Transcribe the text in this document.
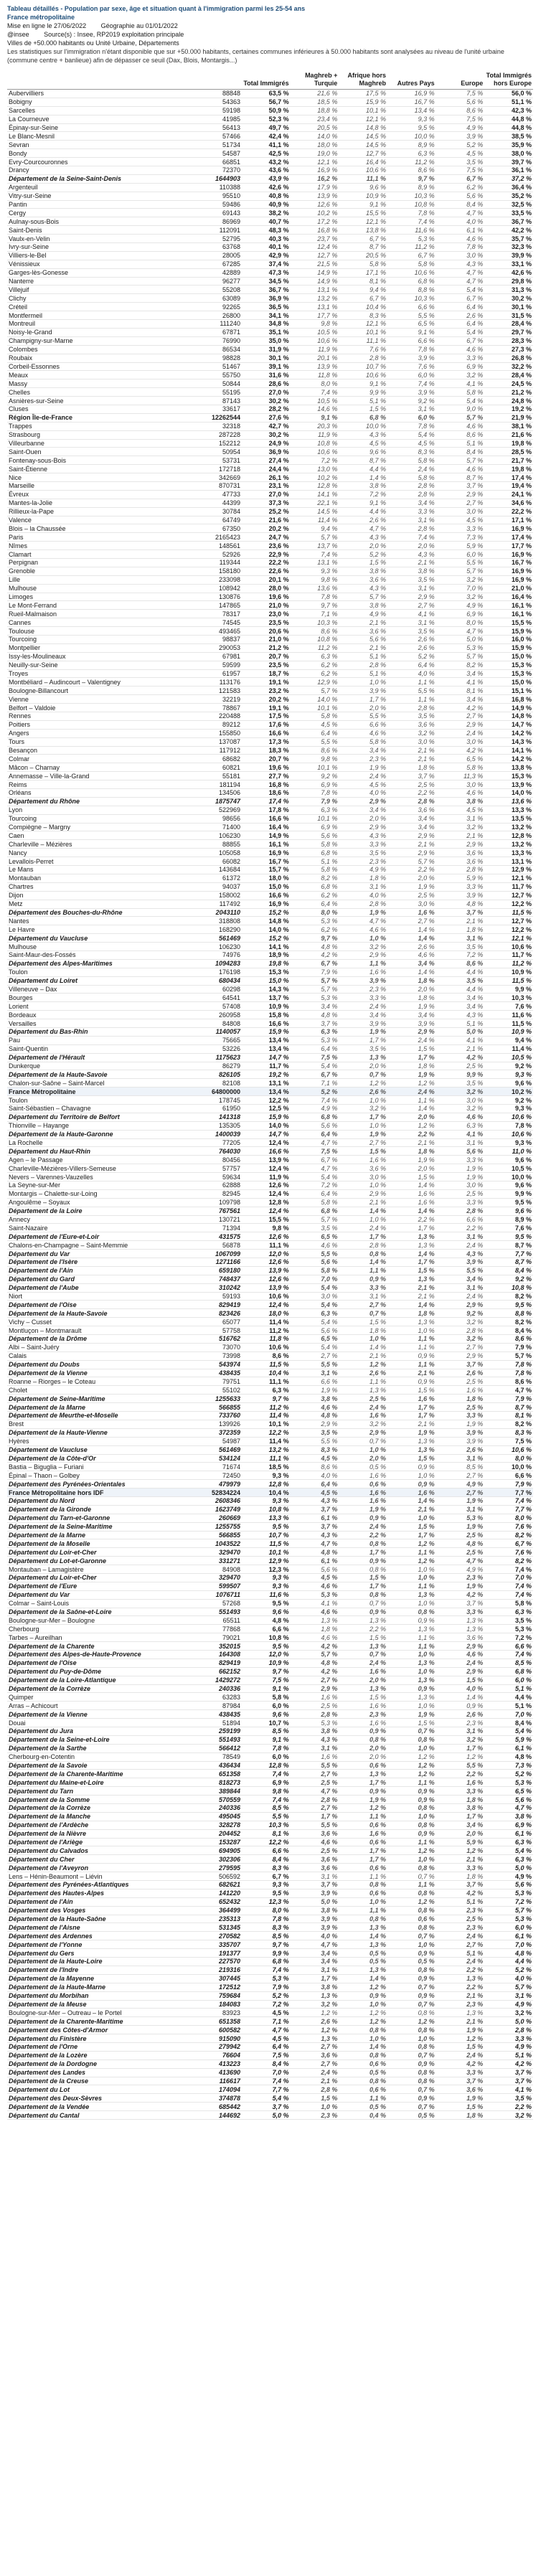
Tableau détaillés - Population par sexe, âge et situation quant à l'immigration parmi les 25-54 ans
France métropolitaine
Mise en ligne le 27/06/2022 Géographie au 01/01/2022
@insee Source(s) : Insee, RP2019 exploitation principale
Villes de +50.000 habitants ou Unité Urbaine, Départements
Les statistiques sur l'immigration n'étant disponible que sur +50.000 habitants, certaines communes inférieures à 50.000 habitants sont analysées au niveau de l'unité urbaine (commune centre + banlieue) afin de dépasser ce seuil (Dax, Blois, Montargis...)
		Total Immigrés	Maghreb + Turquie	Afrique hors Maghreb	Autres Pays	Europe	Total Immigrés hors Europe
Aubervilliers	88848	63,5 %	21,6 %	17,5 %	16,9 %	7,5 %	56,0 %
Bobigny	54363	56,7 %	18,5 %	15,9 %	16,7 %	5,6 %	51,1 %
Sarcelles	59198	50,9 %	18,8 %	10,1 %	13,4 %	8,6 %	42,3 %
La Courneuve	41985	52,3 %	23,4 %	12,1 %	9,3 %	7,5 %	44,8 %
Épinay-sur-Seine	56413	49,7 %	20,5 %	14,8 %	9,5 %	4,9 %	44,8 %
Le Blanc-Mesnil	57466	42,4 %	14,0 %	14,5 %	10,0 %	3,9 %	38,5 %
Sevran	51734	41,1 %	18,0 %	14,5 %	8,9 %	5,2 %	35,9 %
Bondy	54587	42,5 %	19,0 %	12,7 %	6,3 %	4,5 %	38,0 %
Evry-Courcouronnes	66851	43,2 %	12,1 %	16,4 %	11,2 %	3,5 %	39,7 %
Drancy	72370	43,6 %	16,9 %	10,6 %	8,6 %	7,5 %	36,1 %
Département de la Seine-Saint-Denis	1644903	43,9 %	16,2 %	11,1 %	9,7 %	6,7 %	37,2 %
Argenteuil	110388	42,6 %	17,9 %	9,6 %	8,9 %	6,2 %	36,4 %
Vitry-sur-Seine	95510	40,8 %	13,9 %	10,9 %	10,3 %	5,6 %	35,2 %
Pantin	59486	40,9 %	12,6 %	9,1 %	10,8 %	8,4 %	32,5 %
Cergy	69143	38,2 %	10,2 %	15,5 %	7,8 %	4,7 %	33,5 %
Aulnay-sous-Bois	86969	40,7 %	17,2 %	12,1 %	7,4 %	4,0 %	36,7 %
Saint-Denis	112091	48,3 %	16,8 %	13,8 %	11,6 %	6,1 %	42,2 %
Vaulx-en-Velin	52795	40,3 %	23,7 %	6,7 %	5,3 %	4,6 %	35,7 %
Ivry-sur-Seine	63768	40,1 %	12,4 %	8,7 %	11,2 %	7,8 %	32,3 %
Villiers-le-Bel	28005	42,9 %	12,7 %	20,5 %	6,7 %	3,0 %	39,9 %
Vénissieux	67285	37,4 %	21,5 %	5,8 %	5,8 %	4,3 %	33,1 %
Garges-lès-Gonesse	42889	47,3 %	14,9 %	17,1 %	10,6 %	4,7 %	42,6 %
Nanterre	96277	34,5 %	14,9 %	8,1 %	6,8 %	4,7 %	29,8 %
Villejuif	55208	36,7 %	13,1 %	9,4 %	8,8 %	5,4 %	31,3 %
Clichy	63089	36,9 %	13,2 %	6,7 %	10,3 %	6,7 %	30,2 %
Créteil	92265	36,5 %	13,1 %	10,4 %	6,6 %	6,4 %	30,1 %
Montfermeil	26800	34,1 %	17,7 %	8,3 %	5,5 %	2,6 %	31,5 %
Montreuil	111240	34,8 %	9,8 %	12,1 %	6,5 %	6,4 %	28,4 %
Noisy-le-Grand	67871	35,1 %	10,5 %	10,1 %	9,1 %	5,4 %	29,7 %
Champigny-sur-Marne	76990	35,0 %	10,6 %	11,1 %	6,6 %	6,7 %	28,3 %
Colombes	86534	31,9 %	11,9 %	7,6 %	7,8 %	4,6 %	27,3 %
Roubaix	98828	30,1 %	20,1 %	2,8 %	3,9 %	3,3 %	26,8 %
Corbeil-Essonnes	51467	39,1 %	13,9 %	10,7 %	7,6 %	6,9 %	32,2 %
Meaux	55750	31,6 %	11,8 %	10,6 %	6,0 %	3,2 %	28,4 %
Massy	50844	28,6 %	8,0 %	9,1 %	7,4 %	4,1 %	24,5 %
Chelles	55195	27,0 %	7,4 %	9,9 %	3,9 %	5,8 %	21,2 %
Asnières-sur-Seine	87143	30,2 %	10,5 %	5,1 %	9,2 %	5,4 %	24,8 %
Cluses	33617	28,2 %	14,6 %	1,5 %	3,1 %	9,0 %	19,2 %
Région Île-de-France	12262544	27,6 %	9,1 %	6,8 %	6,0 %	5,7 %	21,9 %
Trappes	32318	42,7 %	20,3 %	10,0 %	7,8 %	4,6 %	38,1 %
Strasbourg	287228	30,2 %	11,9 %	4,3 %	5,4 %	8,6 %	21,6 %
Villeurbanne	152212	24,9 %	10,8 %	4,5 %	4,5 %	5,1 %	19,8 %
Saint-Ouen	50954	36,9 %	10,6 %	9,6 %	8,3 %	8,4 %	28,5 %
Fontenay-sous-Bois	53731	27,4 %	7,2 %	8,7 %	5,8 %	5,7 %	21,7 %
Saint-Étienne	172718	24,4 %	13,0 %	4,4 %	2,4 %	4,6 %	19,8 %
Nice	342669	26,1 %	10,2 %	1,4 %	5,8 %	8,7 %	17,4 %
Marseille	870731	23,1 %	12,8 %	3,8 %	2,8 %	3,7 %	19,4 %
Évreux	47733	27,0 %	14,1 %	7,2 %	2,8 %	2,9 %	24,1 %
Mantes-la-Jolie	44399	37,3 %	22,1 %	9,1 %	3,4 %	2,7 %	34,6 %
Rillieux-la-Pape	30784	25,2 %	14,5 %	4,4 %	3,3 %	3,0 %	22,2 %
Valence	64749	21,6 %	11,4 %	2,6 %	3,1 %	4,5 %	17,1 %
Blois – la Chaussée	67350	20,2 %	9,4 %	4,7 %	2,8 %	3,3 %	16,9 %
Paris	2165423	24,7 %	5,7 %	4,3 %	7,4 %	7,3 %	17,4 %
Nîmes	148561	23,6 %	13,7 %	2,0 %	2,0 %	5,9 %	17,7 %
Clamart	52926	22,9 %	7,4 %	5,2 %	4,3 %	6,0 %	16,9 %
Perpignan	119344	22,2 %	13,1 %	1,5 %	2,1 %	5,5 %	16,7 %
Grenoble	158180	22,6 %	9,3 %	3,8 %	3,8 %	5,7 %	16,9 %
Lille	233098	20,1 %	9,8 %	3,6 %	3,5 %	3,2 %	16,9 %
Mulhouse	108942	28,0 %	13,6 %	4,3 %	3,1 %	7,0 %	21,0 %
Limoges	130876	19,6 %	7,8 %	5,7 %	2,9 %	3,2 %	16,4 %
Le Mont-Ferrand	147865	21,0 %	9,7 %	3,8 %	2,7 %	4,9 %	16,1 %
Rueil-Malmaison	78317	23,0 %	7,1 %	4,9 %	4,1 %	6,9 %	16,1 %
Cannes	74545	23,5 %	10,3 %	2,1 %	3,1 %	8,0 %	15,5 %
Toulouse	493465	20,6 %	8,6 %	3,6 %	3,5 %	4,7 %	15,9 %
Tourcoing	98837	21,0 %	10,8 %	5,6 %	2,6 %	5,0 %	16,0 %
Montpellier	290053	21,2 %	11,2 %	2,1 %	2,6 %	5,3 %	15,9 %
Issy-les-Moulineaux	67981	20,7 %	6,3 %	5,1 %	5,2 %	5,7 %	15,0 %
Neuilly-sur-Seine	59599	23,5 %	6,2 %	2,8 %	6,4 %	8,2 %	15,3 %
Troyes	61957	18,7 %	6,2 %	5,1 %	4,0 %	3,4 %	15,3 %
Montbéliard – Audincourt – Valentigney	113176	19,1 %	12,9 %	1,0 %	1,1 %	4,1 %	15,0 %
Boulogne-Billancourt	121583	23,2 %	5,7 %	3,9 %	5,5 %	8,1 %	15,1 %
Vienne	32219	20,2 %	14,0 %	1,7 %	1,1 %	3,4 %	16,8 %
Belfort – Valdoie	78867	19,1 %	10,1 %	2,0 %	2,8 %	4,2 %	14,9 %
Rennes	220488	17,5 %	5,8 %	5,5 %	3,5 %	2,7 %	14,8 %
Poitiers	89212	17,6 %	4,5 %	6,6 %	3,6 %	2,9 %	14,7 %
Angers	155850	16,6 %	6,4 %	4,6 %	3,2 %	2,4 %	14,2 %
Tours	137087	17,3 %	5,5 %	5,8 %	3,0 %	3,0 %	14,3 %
Besançon	117912	18,3 %	8,6 %	3,4 %	2,1 %	4,2 %	14,1 %
Colmar	68682	20,7 %	9,8 %	2,3 %	2,1 %	6,5 %	14,2 %
Mâcon – Charnay	60821	19,6 %	10,1 %	1,9 %	1,8 %	5,8 %	13,8 %
Annemasse – Ville-la-Grand	55181	27,7 %	9,2 %	2,4 %	3,7 %	11,3 %	15,3 %
Reims	181194	16,8 %	6,9 %	4,5 %	2,5 %	3,0 %	13,9 %
Orléans	134506	18,6 %	7,8 %	4,0 %	2,2 %	4,6 %	14,0 %
Département du Rhône	1875747	17,4 %	7,9 %	2,9 %	2,8 %	3,8 %	13,6 %
Lyon	522969	17,8 %	6,3 %	3,4 %	3,6 %	4,5 %	13,3 %
Tourcoing	98656	16,6 %	10,1 %	2,0 %	3,4 %	3,1 %	13,5 %
Compiègne – Margny	71400	16,4 %	6,9 %	2,9 %	3,4 %	3,2 %	13,2 %
Caen	106230	14,9 %	5,6 %	4,3 %	2,9 %	2,1 %	12,8 %
Charleville – Mézières	88855	16,1 %	5,8 %	3,3 %	2,1 %	2,9 %	13,2 %
Nancy	105058	16,9 %	6,8 %	3,5 %	2,9 %	3,6 %	13,3 %
Levallois-Perret	66082	16,7 %	5,1 %	2,3 %	5,7 %	3,6 %	13,1 %
Le Mans	143684	15,7 %	5,8 %	4,9 %	2,2 %	2,8 %	12,9 %
Montauban	61372	18,0 %	8,2 %	1,8 %	2,0 %	5,9 %	12,1 %
Chartres	94037	15,0 %	6,8 %	3,1 %	1,9 %	3,3 %	11,7 %
Dijon	158002	16,6 %	6,2 %	4,0 %	2,5 %	3,9 %	12,7 %
Metz	117492	16,9 %	6,4 %	2,8 %	3,0 %	4,8 %	12,2 %
Département des Bouches-du-Rhône	2043110	15,2 %	8,0 %	1,9 %	1,6 %	3,7 %	11,5 %
Nantes	318808	14,8 %	5,3 %	4,7 %	2,7 %	2,1 %	12,7 %
Le Havre	168290	14,0 %	6,2 %	4,6 %	1,4 %	1,8 %	12,2 %
Département du Vaucluse	561469	15,2 %	9,7 %	1,0 %	1,4 %	3,1 %	12,1 %
Mulhouse	106230	14,1 %	4,8 %	3,2 %	2,6 %	3,5 %	10,6 %
Saint-Maur-des-Fossés	74976	18,9 %	4,2 %	2,9 %	4,6 %	7,2 %	11,7 %
Département des Alpes-Maritimes	1094283	19,8 %	6,7 %	1,1 %	3,4 %	8,6 %	11,2 %
Toulon	176198	15,3 %	7,9 %	1,6 %	1,4 %	4,4 %	10,9 %
Département du Loiret	680434	15,0 %	5,7 %	3,9 %	1,8 %	3,5 %	11,5 %
Villeneuve – Dax	60298	14,3 %	5,7 %	2,3 %	2,0 %	4,4 %	9,9 %
Bourges	64541	13,7 %	5,3 %	3,3 %	1,8 %	3,4 %	10,3 %
Lorient	57408	10,9 %	3,4 %	2,4 %	1,9 %	3,4 %	7,6 %
Bordeaux	260958	15,8 %	4,8 %	3,4 %	3,4 %	4,3 %	11,6 %
Versailles	84808	16,6 %	3,7 %	3,9 %	3,9 %	5,1 %	11,5 %
Département du Bas-Rhin	1140057	15,9 %	6,3 %	1,9 %	2,9 %	5,0 %	10,9 %
Pau	75665	13,4 %	5,3 %	1,7 %	2,4 %	4,1 %	9,4 %
Saint-Quentin	53226	13,4 %	6,4 %	3,5 %	1,5 %	2,1 %	11,4 %
Département de l'Hérault	1175623	14,7 %	7,5 %	1,3 %	1,7 %	4,2 %	10,5 %
Dunkerque	86279	11,7 %	5,4 %	2,0 %	1,8 %	2,5 %	9,2 %
Département de la Haute-Savoie	826105	19,2 %	6,7 %	0,7 %	1,9 %	9,9 %	9,3 %
Chalon-sur-Saône – Saint-Marcel	82108	13,1 %	7,1 %	1,2 %	1,2 %	3,5 %	9,6 %
France Métropolitaine	64800000	13,4 %	5,2 %	2,6 %	2,4 %	3,2 %	10,2 %
Toulon	178745	12,2 %	7,4 %	1,0 %	1,1 %	3,0 %	9,2 %
Saint-Sébastien – Chavagne	61950	12,5 %	4,9 %	3,2 %	1,4 %	3,2 %	9,3 %
Département du Territoire de Belfort	141318	15,9 %	6,8 %	1,7 %	2,0 %	4,6 %	10,6 %
Thionville – Hayange	135305	14,0 %	5,6 %	1,0 %	1,2 %	6,3 %	7,8 %
Département de la Haute-Garonne	1400039	14,7 %	6,4 %	1,9 %	2,2 %	4,1 %	10,6 %
La Rochelle	77205	12,4 %	4,7 %	2,7 %	2,1 %	3,1 %	9,3 %
Département du Haut-Rhin	764030	16,6 %	7,5 %	1,5 %	1,8 %	5,6 %	11,0 %
Agen – le Passage	80456	13,9 %	6,7 %	1,6 %	1,9 %	3,3 %	9,6 %
Charleville-Mézières-Villers-Semeuse	57757	12,4 %	4,7 %	3,6 %	2,0 %	1,9 %	10,5 %
Nevers – Varennes-Vauzelles	59634	11,9 %	5,4 %	3,0 %	1,5 %	1,9 %	10,0 %
La Seyne-sur-Mer	62888	12,6 %	7,2 %	1,0 %	1,4 %	3,0 %	9,6 %
Montargis – Chalette-sur-Loing	82945	12,4 %	6,4 %	2,9 %	1,6 %	2,5 %	9,9 %
Angoulême – Soyaux	109798	12,8 %	5,8 %	2,1 %	1,6 %	3,3 %	9,5 %
Département de la Loire	767561	12,4 %	6,8 %	1,4 %	1,4 %	2,8 %	9,6 %
Annecy	130721	15,5 %	5,7 %	1,0 %	2,2 %	6,6 %	8,9 %
Saint-Nazaire	71394	9,8 %	3,5 %	2,4 %	1,7 %	2,2 %	7,6 %
Département de l'Eure-et-Loir	431575	12,6 %	6,5 %	1,7 %	1,3 %	3,1 %	9,5 %
Chalons-en-Champagne – Saint-Memmie	56878	11,1 %	4,6 %	2,8 %	1,3 %	2,4 %	8,7 %
Département du Var	1067099	12,0 %	5,5 %	0,8 %	1,4 %	4,3 %	7,7 %
Département de l'Isère	1271166	12,6 %	5,6 %	1,4 %	1,7 %	3,9 %	8,7 %
Département de l'Ain	659180	13,9 %	5,8 %	1,1 %	1,5 %	5,5 %	8,4 %
Département du Gard	748437	12,6 %	7,0 %	0,9 %	1,3 %	3,4 %	9,2 %
Département de l'Aube	310242	13,9 %	5,4 %	3,3 %	2,1 %	3,1 %	10,8 %
Niort	59193	10,6 %	3,0 %	3,1 %	2,1 %	2,4 %	8,2 %
Département de l'Oise	829419	12,4 %	5,4 %	2,7 %	1,4 %	2,9 %	9,5 %
Département de la Haute-Savoie	823426	18,0 %	6,3 %	0,7 %	1,8 %	9,2 %	8,8 %
Vichy – Cusset	65077	11,4 %	5,4 %	1,5 %	1,3 %	3,2 %	8,2 %
Montluçon – Montmarault	57758	11,2 %	5,6 %	1,8 %	1,0 %	2,8 %	8,4 %
Département de la Drôme	516762	11,8 %	6,5 %	1,0 %	1,1 %	3,2 %	8,6 %
Albi – Saint-Juéry	73070	10,6 %	5,4 %	1,4 %	1,1 %	2,7 %	7,9 %
Calais	73998	8,6 %	2,7 %	2,1 %	0,9 %	2,9 %	5,7 %
Département du Doubs	543974	11,5 %	5,5 %	1,2 %	1,1 %	3,7 %	7,8 %
Département de la Vienne	438435	10,4 %	3,1 %	2,6 %	2,1 %	2,6 %	7,8 %
Roanne – Riorges – le Coteau	79751	11,1 %	6,6 %	1,1 %	0,9 %	2,5 %	8,6 %
Cholet	55102	6,3 %	1,9 %	1,3 %	1,5 %	1,6 %	4,7 %
Département de Seine-Maritime	1255633	9,7 %	3,8 %	2,5 %	1,6 %	1,8 %	7,9 %
Département de la Marne	566855	11,2 %	4,6 %	2,4 %	1,7 %	2,5 %	8,7 %
Département de Meurthe-et-Moselle	733760	11,4 %	4,8 %	1,6 %	1,7 %	3,3 %	8,1 %
Brest	139926	10,1 %	2,9 %	3,2 %	2,1 %	1,9 %	8,2 %
Département de la Haute-Vienne	372359	12,2 %	3,5 %	2,9 %	1,9 %	3,9 %	8,3 %
Hyères	54987	11,4 %	5,5 %	0,7 %	1,3 %	3,9 %	7,5 %
Département de Vaucluse	561469	13,2 %	8,3 %	1,0 %	1,3 %	2,6 %	10,6 %
Département de la Côte-d'Or	534124	11,1 %	4,5 %	2,0 %	1,5 %	3,1 %	8,0 %
Bastia – Biguglia – Furiani	71674	18,5 %	8,6 %	0,5 %	0,9 %	8,5 %	10,0 %
Épinal – Thaon – Golbey	72450	9,3 %	4,0 %	1,6 %	1,0 %	2,7 %	6,6 %
Département des Pyrénées-Orientales	479979	12,8 %	6,4 %	0,6 %	0,9 %	4,9 %	7,9 %
France Métropolitaine hors IDF	52834224	10,4 %	4,5 %	1,6 %	1,6 %	2,7 %	7,7 %
Département du Nord	2608346	9,3 %	4,3 %	1,6 %	1,4 %	1,9 %	7,4 %
Département de la Gironde	1623749	10,8 %	3,7 %	1,9 %	2,1 %	3,1 %	7,7 %
Département du Tarn-et-Garonne	260669	13,3 %	6,1 %	0,9 %	1,0 %	5,3 %	8,0 %
Département de la Seine-Maritime	1255755	9,5 %	3,7 %	2,4 %	1,5 %	1,9 %	7,6 %
Département de la Marne	566855	10,7 %	4,3 %	2,2 %	1,7 %	2,5 %	8,2 %
Département de la Moselle	1043522	11,5 %	4,7 %	0,8 %	1,2 %	4,8 %	6,7 %
Département du Loir-et-Cher	329470	10,1 %	4,8 %	1,7 %	1,1 %	2,5 %	7,6 %
Département du Lot-et-Garonne	331271	12,9 %	6,1 %	0,9 %	1,2 %	4,7 %	8,2 %
Montauban – Lamagistère	84908	12,3 %	5,6 %	0,8 %	1,0 %	4,9 %	7,4 %
Département du Loir-et-Cher	329470	9,3 %	4,5 %	1,5 %	1,0 %	2,3 %	7,0 %
Département de l'Eure	599507	9,3 %	4,6 %	1,7 %	1,1 %	1,9 %	7,4 %
Département du Var	1076711	11,6 %	5,3 %	0,8 %	1,3 %	4,2 %	7,4 %
Colmar – Saint-Louis	57268	9,5 %	4,1 %	0,7 %	1,0 %	3,7 %	5,8 %
Département de la Saône-et-Loire	551493	9,6 %	4,6 %	0,9 %	0,8 %	3,3 %	6,3 %
Boulogne-sur-Mer – Boulogne	65511	4,8 %	1,3 %	1,3 %	0,9 %	1,3 %	3,5 %
Cherbourg	77868	6,6 %	1,8 %	2,2 %	1,3 %	1,3 %	5,3 %
Tarbes – Aureilhan	79021	10,8 %	4,6 %	1,5 %	1,1 %	3,6 %	7,2 %
Département de la Charente	352015	9,5 %	4,2 %	1,3 %	1,1 %	2,9 %	6,6 %
Département des Alpes-de-Haute-Provence	164308	12,0 %	5,7 %	0,7 %	1,0 %	4,6 %	7,4 %
Département de l'Oise	829419	10,9 %	4,8 %	2,4 %	1,3 %	2,4 %	8,5 %
Département du Puy-de-Dôme	662152	9,7 %	4,2 %	1,6 %	1,0 %	2,9 %	6,8 %
Département de la Loire-Atlantique	1429272	7,5 %	2,7 %	2,0 %	1,3 %	1,5 %	6,0 %
Département de la Corrèze	240336	9,1 %	2,9 %	1,3 %	0,9 %	4,0 %	5,1 %
Quimper	63283	5,8 %	1,6 %	1,5 %	1,3 %	1,4 %	4,4 %
Arras – Achicourt	87984	6,0 %	2,5 %	1,6 %	1,0 %	0,9 %	5,1 %
Département de la Vienne	438435	9,6 %	2,8 %	2,3 %	1,9 %	2,6 %	7,0 %
Douai	51894	10,7 %	5,3 %	1,6 %	1,5 %	2,3 %	8,4 %
Département du Jura	259199	8,5 %	3,8 %	0,9 %	0,7 %	3,1 %	5,4 %
Département de la Seine-et-Loire	551493	9,1 %	4,3 %	0,8 %	0,8 %	3,2 %	5,9 %
Département de la Sarthe	566412	7,8 %	3,1 %	2,0 %	1,0 %	1,7 %	6,1 %
Cherbourg-en-Cotentin	78549	6,0 %	1,6 %	2,0 %	1,2 %	1,2 %	4,8 %
Département de la Savoie	436434	12,8 %	5,5 %	0,6 %	1,2 %	5,5 %	7,3 %
Département de la Charente-Maritime	651358	7,4 %	2,7 %	1,3 %	1,2 %	2,2 %	5,2 %
Département du Maine-et-Loire	818273	6,9 %	2,5 %	1,7 %	1,1 %	1,6 %	5,3 %
Département du Tarn	389844	9,8 %	4,7 %	0,9 %	0,9 %	3,3 %	6,5 %
Département de la Somme	570559	7,4 %	2,8 %	1,9 %	0,9 %	1,8 %	5,6 %
Département de la Corrèze	240336	8,5 %	2,7 %	1,2 %	0,8 %	3,8 %	4,7 %
Département de la Manche	495045	5,5 %	1,7 %	1,1 %	1,0 %	1,7 %	3,8 %
Département de l'Ardèche	328278	10,3 %	5,5 %	0,6 %	0,8 %	3,4 %	6,9 %
Département de la Nièvre	204452	8,1 %	3,6 %	1,6 %	0,9 %	2,0 %	6,1 %
Département de l'Ariège	153287	12,2 %	4,6 %	0,6 %	1,1 %	5,9 %	6,3 %
Département du Calvados	694905	6,6 %	2,5 %	1,7 %	1,2 %	1,2 %	5,4 %
Département du Cher	302306	8,4 %	3,6 %	1,7 %	1,0 %	2,1 %	6,3 %
Département de l'Aveyron	279595	8,3 %	3,6 %	0,6 %	0,8 %	3,3 %	5,0 %
Lens – Hénin-Beaumont – Liévin	506592	6,7 %	3,1 %	1,1 %	0,7 %	1,8 %	4,9 %
Département des Pyrénées-Atlantiques	682621	9,3 %	3,7 %	0,8 %	1,1 %	3,7 %	5,6 %
Département des Hautes-Alpes	141220	9,5 %	3,9 %	0,6 %	0,8 %	4,2 %	5,3 %
Département de l'Ain	652432	12,3 %	5,0 %	1,0 %	1,2 %	5,1 %	7,2 %
Département des Vosges	364499	8,0 %	3,8 %	1,1 %	0,8 %	2,3 %	5,7 %
Département de la Haute-Saône	235313	7,8 %	3,9 %	0,8 %	0,6 %	2,5 %	5,3 %
Département de l'Aisne	531345	8,3 %	3,9 %	1,3 %	0,8 %	2,3 %	6,0 %
Département des Ardennes	270582	8,5 %	4,0 %	1,4 %	0,7 %	2,4 %	6,1 %
Département de l'Yonne	335707	9,7 %	4,7 %	1,3 %	1,0 %	2,7 %	7,0 %
Département du Gers	191377	9,9 %	3,4 %	0,5 %	0,9 %	5,1 %	4,8 %
Département de la Haute-Loire	227570	6,8 %	3,4 %	0,5 %	0,5 %	2,4 %	4,4 %
Département de l'Indre	219316	7,4 %	3,1 %	1,3 %	0,8 %	2,2 %	5,2 %
Département de la Mayenne	307445	5,3 %	1,7 %	1,4 %	0,9 %	1,3 %	4,0 %
Département de la Haute-Marne	172512	7,9 %	3,8 %	1,2 %	0,7 %	2,2 %	5,7 %
Département du Morbihan	759684	5,2 %	1,3 %	0,9 %	0,9 %	2,1 %	3,1 %
Département de la Meuse	184083	7,2 %	3,2 %	1,0 %	0,7 %	2,3 %	4,9 %
Boulogne-sur-Mer – Outreau – le Portel	83923	4,5 %	1,2 %	1,2 %	0,8 %	1,3 %	3,2 %
Département de la Charente-Maritime	651358	7,1 %	2,6 %	1,2 %	1,2 %	2,1 %	5,0 %
Département des Côtes-d'Armor	600582	4,7 %	1,2 %	0,8 %	0,8 %	1,9 %	2,8 %
Département du Finistère	915090	4,5 %	1,3 %	1,0 %	1,0 %	1,2 %	3,3 %
Département de l'Orne	279942	6,4 %	2,7 %	1,4 %	0,8 %	1,5 %	4,9 %
Département de la Lozère	76604	7,5 %	3,6 %	0,8 %	0,7 %	2,4 %	5,1 %
Département de la Dordogne	413223	8,4 %	2,7 %	0,6 %	0,9 %	4,2 %	4,2 %
Département des Landes	413690	7,0 %	2,4 %	0,5 %	0,8 %	3,3 %	3,7 %
Département de la Creuse	116617	7,4 %	2,1 %	0,8 %	0,8 %	3,7 %	3,7 %
Département du Lot	174094	7,7 %	2,8 %	0,6 %	0,7 %	3,6 %	4,1 %
Département des Deux-Sèvres	374878	5,4 %	1,5 %	1,1 %	0,9 %	1,9 %	3,5 %
Département de la Vendée	685442	3,7 %	1,0 %	0,5 %	0,7 %	1,5 %	2,2 %
Département du Cantal	144692	5,0 %	2,3 %	0,4 %	0,5 %	1,8 %	3,2 %
